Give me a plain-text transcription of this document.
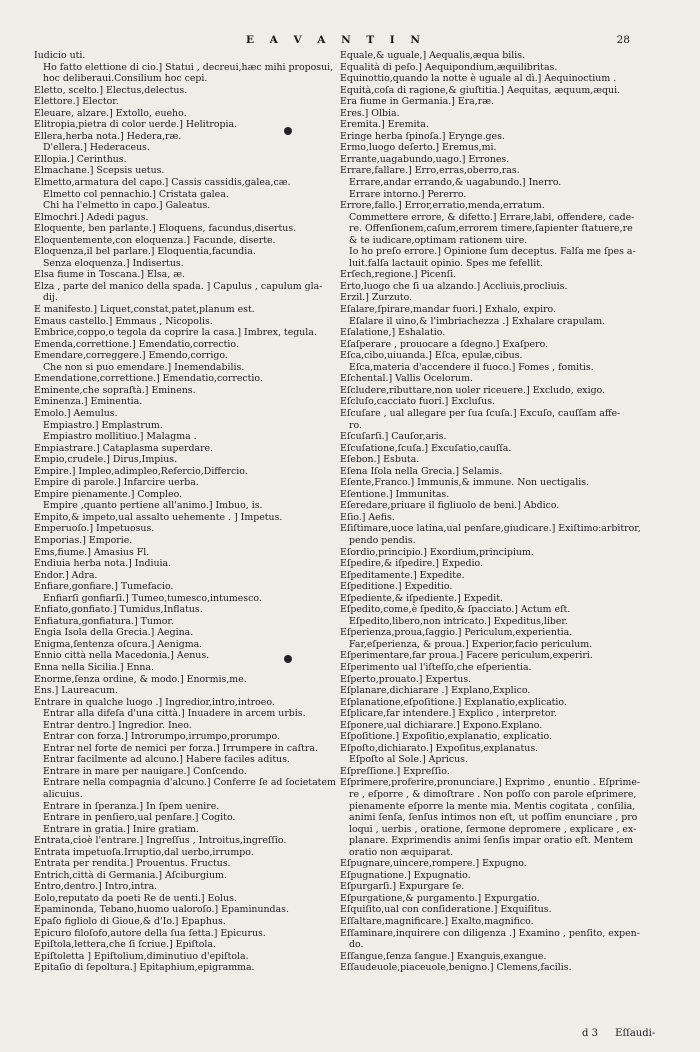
E A V A N T I N	28
Iudicio uti.
Ho fatto elettione di cio.] Statui , decreui,hæc mihi proposui,
hoc deliberaui.Consilium hoc cepi.
Eletto, scelto.] Electus,delectus.
Elettore.] Elector.
Eleuare, alzare.] Extollo, eueho.
Elitropia,pietra di color uerde.] Helitropia.
Ellera,herba nota.] Hedera,ræ.
D'ellera.] Hederaceus.
Ellopia.] Cerinthus.
Elmachane.] Scepsis uetus.
Elmetto,armatura del capo.] Cassis cassidis,galea,cæ.
Elmetto col pennachio.] Cristata galea.
Chi ha l'elmetto in capo.] Galeatus.
Elmochri.] Adedi pagus.
Eloquente, ben parlante.] Eloquens, facundus,disertus.
Eloquentemente,con eloquenza.] Facunde, diserte.
Eloquenza,il bel parlare.] Eloquentia,facundia.
Senza eloquenza.] Indisertus.
Elsa fiume in Toscana.] Elsa, æ.
Elza , parte del manico della spada. ] Capulus , capulum gla-
dij.
E manifesto.] Liquet,constat,patet,planum est.
Emaus castello.] Emmaus , Nicopolis.
Embrice,coppo,o tegola da coprire la casa.] Imbrex, tegula.
Emenda,correttione.] Emendatio,correctio.
Emendare,correggere.] Emendo,corrigo.
Che non si puo emendare.] Inemendabilis.
Emendatione,correttione.] Emendatio,correctio.
Eminente,che sopraſtà.] Eminens.
Eminenza.] Eminentia.
Emolo.] Aemulus.
Empiastro.] Emplastrum.
Empiastro mollitiuo.] Malagma .
Empiastrare.] Cataplasma superdare.
Empio,crudele.] Dirus,Impius.
Empire.] Impleo,adimpleo,Refercio,Differcio.
Empire di parole.] Infarcire uerba.
Empire pienamente.] Compleo.
Empire ,quanto pertiene all'animo.] Imbuo, is.
Empito,& impeto,ual assalto uehemente . ] Impetus.
Emperuoſo.] Impetuosus.
Emporias.] Emporie.
Ems,fiume.] Amasius Fl.
Endiuia herba nota.] Indiuia.
Endor.] Adra.
Enfiare,gonfiare.] Tumefacio.
Enfiarſi gonfiarſi.] Tumeo,tumesco,intumesco.
Enfiato,gonfiato.] Tumidus,Inflatus.
Enfiatura,gonfiatura.] Tumor.
Engia Isola della Grecia.] Aegina.
Enigma,ſentenza oſcura.] Aenigma.
Ennio città nella Macedonia.] Aenus.
Enna nella Sicilia.] Enna.
Enorme,ſenza ordine, & modo.] Enormis,me.
Ens.] Laureacum.
Entrare in qualche luogo .] Ingredior,intro,introeo.
Entrar alla difeſa d'una città.] Inuadere in arcem urbis.
Entrar dentro.] Ingredior. Ineo.
Entrar con forza.] Introrumpo,irrumpo,prorumpo.
Entrar nel forte de nemici per forza.] Irrumpere in caſtra.
Entrar facilmente ad alcuno.] Habere faciles aditus.
Entrare in mare per nauigare.] Conſcendo.
Entrare nella compagnia d'alcuno.] Conferre ſe ad ſocietatem
alicuius.
Entrare in ſperanza.] In ſpem uenire.
Entrare in penſiero,ual penſare.] Cogito.
Entrare in gratia.] Inire gratiam.
Entrata,cioè l'entrare.] Ingreſſus , Introitus,ingreſſio.
Entrata impetuoſa.Irruptio,dal uerbo,irrumpo.
Entrata per rendita.] Prouentus. Fructus.
Entrich,città di Germania.] Aſciburgium.
Entro,dentro.] Intro,intra.
Eolo,reputato da poeti Re de uenti.] Eolus.
Epaminonda, Tebano,huomo ualoroſo.] Epaminundas.
Epaſo figliolo di Gioue,& d'Io.] Epaphus.
Epicuro filoſofo,autore della ſua ſetta.] Epicurus.
Epiſtola,lettera,che ſi ſcriue.] Epiſtola.
Epiſtoletta ] Epiſtolium,diminutiuo d'epiſtola.
Epitaſio di ſepoltura.] Epitaphium,epigramma.
Equale,& uguale,] Aequalis,æqua bilis.
Equalità di peſo.] Aequipondium,æquilibritas.
Equinottio,quando la notte è uguale al dì.] Aequinoctium .
Equità,coſa di ragione,& giuſtitia.] Aequitas, æquum,æqui.
Era fiume in Germania.] Era,ræ.
Eres.] Olbia.
Eremita.] Eremita.
Eringe herba ſpinoſa.] Erynge.ges.
Ermo,luogo deſerto.] Eremus,mi.
Errante,uagabundo,uago.] Errones.
Errare,fallare.] Erro,erras,oberro,ras.
Errare,andar errando,& uagabundo.] Inerro.
Errare intorno.] Pererro.
Errore,fallo.] Error,erratio,menda,erratum.
Commettere errore, & difetto.] Errare,labi, offendere, cade-
re. Offenſionem,caſum,errorem timere,ſapienter ſtatuere,re
& te iudicare,optimam rationem uire.
Io ho preſo errore.] Opinione ſum deceptus. Falſa me ſpes a-
luit.falſa lactauit opinio. Spes me fefellit.
Erſech,regione.] Picenſi.
Erto,luogo che ſi ua alzando.] Accliuis,procliuis.
Erzil.] Zurzuto.
Eſalare,ſpirare,mandar fuori.] Exhalo, expiro.
Eſalare il uino,& l'imbriachezza .] Exhalare crapulam.
Eſalatione,] Eshalatio.
Eſaſperare , prouocare a ſdegno.] Exaſpero.
Eſca,cibo,uiuanda.] Eſca, epulæ,cibus.
Eſca,materia d'accendere il fuoco.] Fomes , fomitis.
Eſchental.] Vallis Ocelorum.
Eſcludere,ributtare,non uoler riceuere.] Excludo, exigo.
Eſcluſo,cacciato fuori.] Excluſus.
Eſcuſare , ual allegare per ſua ſcuſa.] Excuſo, cauſſam affe-
ro.
Eſcuſarſi.] Cauſor,aris.
Eſcuſatione,ſcuſa.] Excuſatio,cauſſa.
Eſebon.] Esbuta.
Eſena Iſola nella Grecia.] Selamis.
Eſente,Franco.] Immunis,& immune. Non uectigalis.
Eſentione.] Immunitas.
Eſeredare,priuare il figliuolo de beni.] Abdico.
Eſio.] Aefis.
Eſiſtimare,uoce latina,ual penſare,giudicare.] Exiſtimo:arbitror,
pendo pendis.
Eſordio,principio.] Exordium,principium.
Eſpedire,& iſpedire.] Expedio.
Eſpeditamente.] Expedite.
Eſpeditione.] Expeditio.
Eſpediente,& iſpediente.] Expedit.
Eſpedito,come,è ſpedito,& ſpacciato.] Actum eſt.
Eſpedito,libero,non intricato.] Expeditus,liber.
Eſperienza,proua,ſaggio.] Periculum,experientia.
Far,eſperienza, & proua.] Experior,facio periculum.
Eſperimentare,far proua.] Facere periculum,experiri.
Eſperimento ual l'iſteſſo,che eſperientia.
Eſperto,prouato.] Expertus.
Eſplanare,dichiarare .] Explano,Explico.
Eſplanatione,eſpoſitione.] Explanatio,explicatio.
Eſplicare,far intendere.] Explico , interpretor.
Eſponere,ual dichiarare.] Expono.Explano.
Eſpoſitione.] Expoſitio,explanatio, explicatio.
Eſpoſto,dichiarato.] Expoſitus,explanatus.
Eſpoſto al Sole.] Apricus.
Eſpreſſione.] Expreſſio.
Eſprimere,proferire,pronunciare.] Exprimo , enuntio . Eſprime-
re , eſporre , & dimoſtrare . Non poſſo con parole eſprimere,
pienamente eſporre la mente mia. Mentis cogitata , conſilia,
animi ſenſa, ſenſus intimos non eſt, ut poſſim enunciare , pro
loqui , uerbis , oratione, ſermone depromere , explicare , ex-
planare. Exprimendis animi ſenſis impar oratio eſt. Mentem
oratio non æquiparat.
Eſpugnare,uincere,rompere.] Expugno.
Eſpugnatione.] Expugnatio.
Eſpurgarſi.] Expurgare ſe.
Eſpurgatione,& purgamento.] Expurgatio.
Eſquiſito,ual con conſideratione.] Exquiſitus.
Eſſaltare,magnificare.] Exalto,magnifico.
Eſſaminare,inquirere con diligenza .] Examino , penſito, expen-
do.
Eſſangue,ſenza ſangue.] Exanguis,exangue.
Eſſaudeuole,piaceuole,benigno.] Clemens,facilis.
d 3 Eſſaudi-
